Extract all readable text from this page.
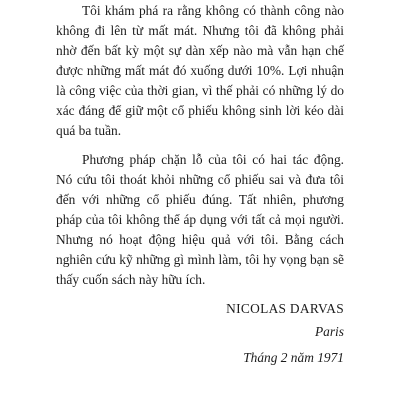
Tôi khám phá ra rằng không có thành công nào
không đi lên từ mất mát. Nhưng tôi đã không phải
nhờ đến bất kỳ một sự dàn xếp nào mà vẫn hạn chế
được những mất mát đó xuống dưới 10%. Lợi nhuận
là công việc của thời gian, vì thế phải có những lý do
xác đáng để giữ một cổ phiếu không sinh lời kéo dài
quá ba tuần.
Phương pháp chặn lỗ của tôi có hai tác động.
Nó cứu tôi thoát khỏi những cổ phiếu sai và đưa tôi
đến với những cổ phiếu đúng. Tất nhiên, phương
pháp của tôi không thể áp dụng với tất cả mọi người.
Nhưng nó hoạt động hiệu quả với tôi. Bằng cách
nghiên cứu kỹ những gì mình làm, tôi hy vọng bạn sẽ
thấy cuốn sách này hữu ích.
NICOLAS DARVAS
Paris
Tháng 2 năm 1971
